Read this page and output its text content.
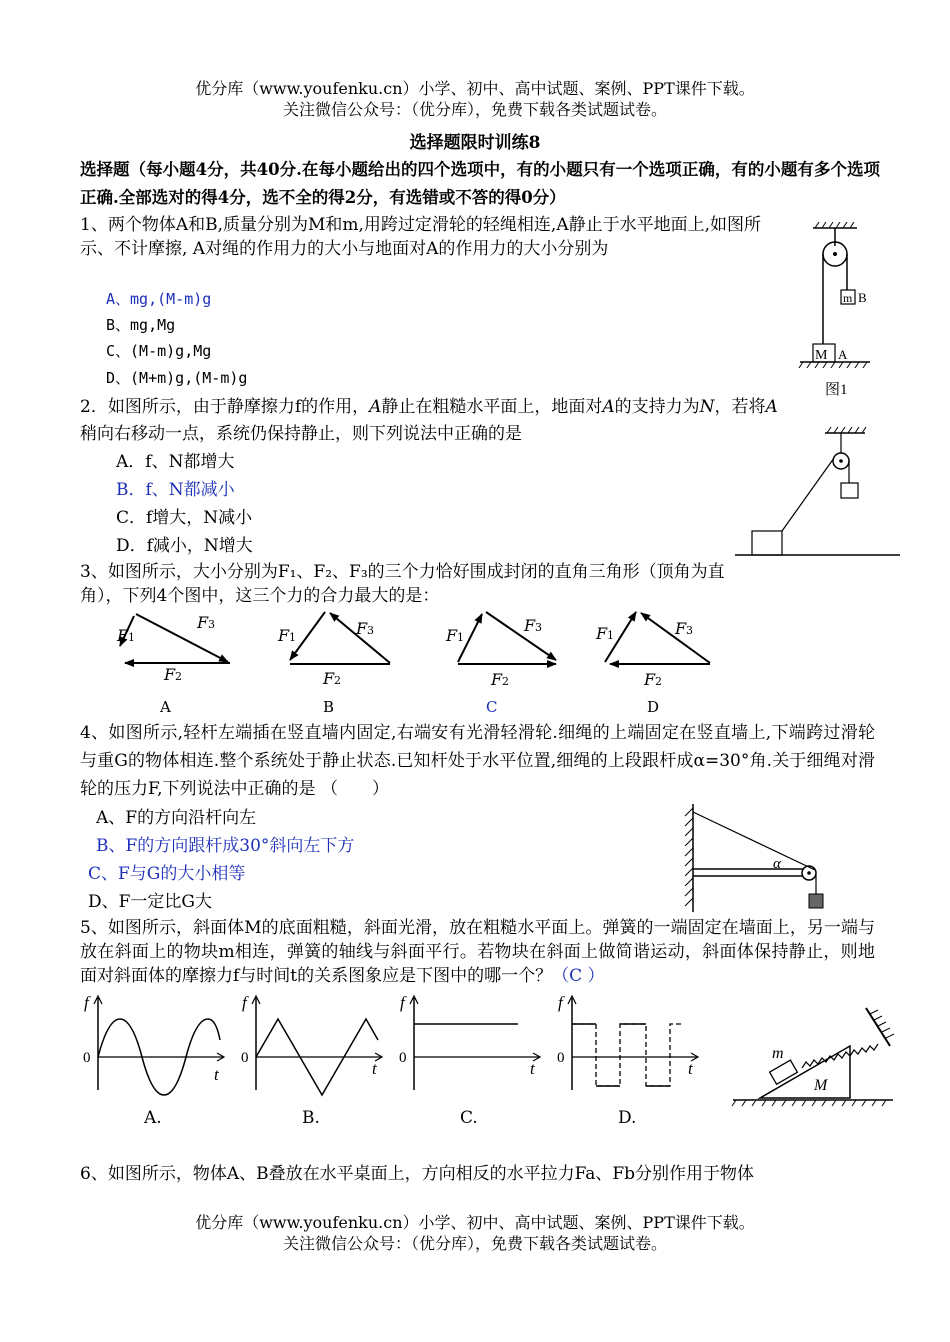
优分库（www.youfenku.cn）小学、初中、高中试题、案例、PPT课件下载。
关注微信公众号：（优分库），免费下载各类试题试卷。
选择题限时训练8
选择题（每小题4分，共40分.在每小题给出的四个选项中，有的小题只有一个选项正确，有的小题有多个选项正确.全部选对的得4分，选不全的得2分，有选错或不答的得0分）
1、两个物体A和B,质量分别为M和m,用跨过定滑轮的轻绳相连,A静止于水平地面上,如图所示、不计摩擦, A对绳的作用力的大小与地面对A的作用力的大小分别为
A、mg,(M-m)g
B、mg,Mg
C、(M-m)g,Mg
D、(M+m)g,(M-m)g
m B
M A
图1
2．如图所示，由于静摩擦力f的作用，A静止在粗糙水平面上，地面对A的支持力为N，若将A稍向右移动一点，系统仍保持静止，则下列说法中正确的是
A．f、N都增大
B．f、N都减小
C．f增大，N减小
D．f减小，N增大
3、如图所示，大小分别为F₁、F₂、F₃的三个力恰好围成封闭的直角三角形（顶角为直角），下列4个图中，这三个力的合力最大的是：
F1
F3
F2
F1	F3
F2
F1
F3
F2
F1	F3
F2
A	B	C	D
4、如图所示,轻杆左端插在竖直墙内固定,右端安有光滑轻滑轮.细绳的上端固定在竖直墙上,下端跨过滑轮与重G的物体相连.整个系统处于静止状态.已知杆处于水平位置,细绳的上段跟杆成α=30°角.关于细绳对滑轮的压力F,下列说法中正确的是 （　　）
A、F的方向沿杆向左
B、F的方向跟杆成30°斜向左下方
C、F与G的大小相等
D、F一定比G大
α
5、如图所示，斜面体M的底面粗糙，斜面光滑，放在粗糙水平面上。弹簧的一端固定在墙面上，另一端与放在斜面上的物块m相连，弹簧的轴线与斜面平行。若物块在斜面上做简谐运动，斜面体保持静止，则地面对斜面体的摩擦力f与时间t的关系图象应是下图中的哪一个？（C ）
f
0
t
f
0
t
f
0
t
f
0
t
A.	B.	C.	D.
m
M
6、如图所示，物体A、B叠放在水平桌面上，方向相反的水平拉力Fa、Fb分别作用于物体
优分库（www.youfenku.cn）小学、初中、高中试题、案例、PPT课件下载。
关注微信公众号：（优分库），免费下载各类试题试卷。
